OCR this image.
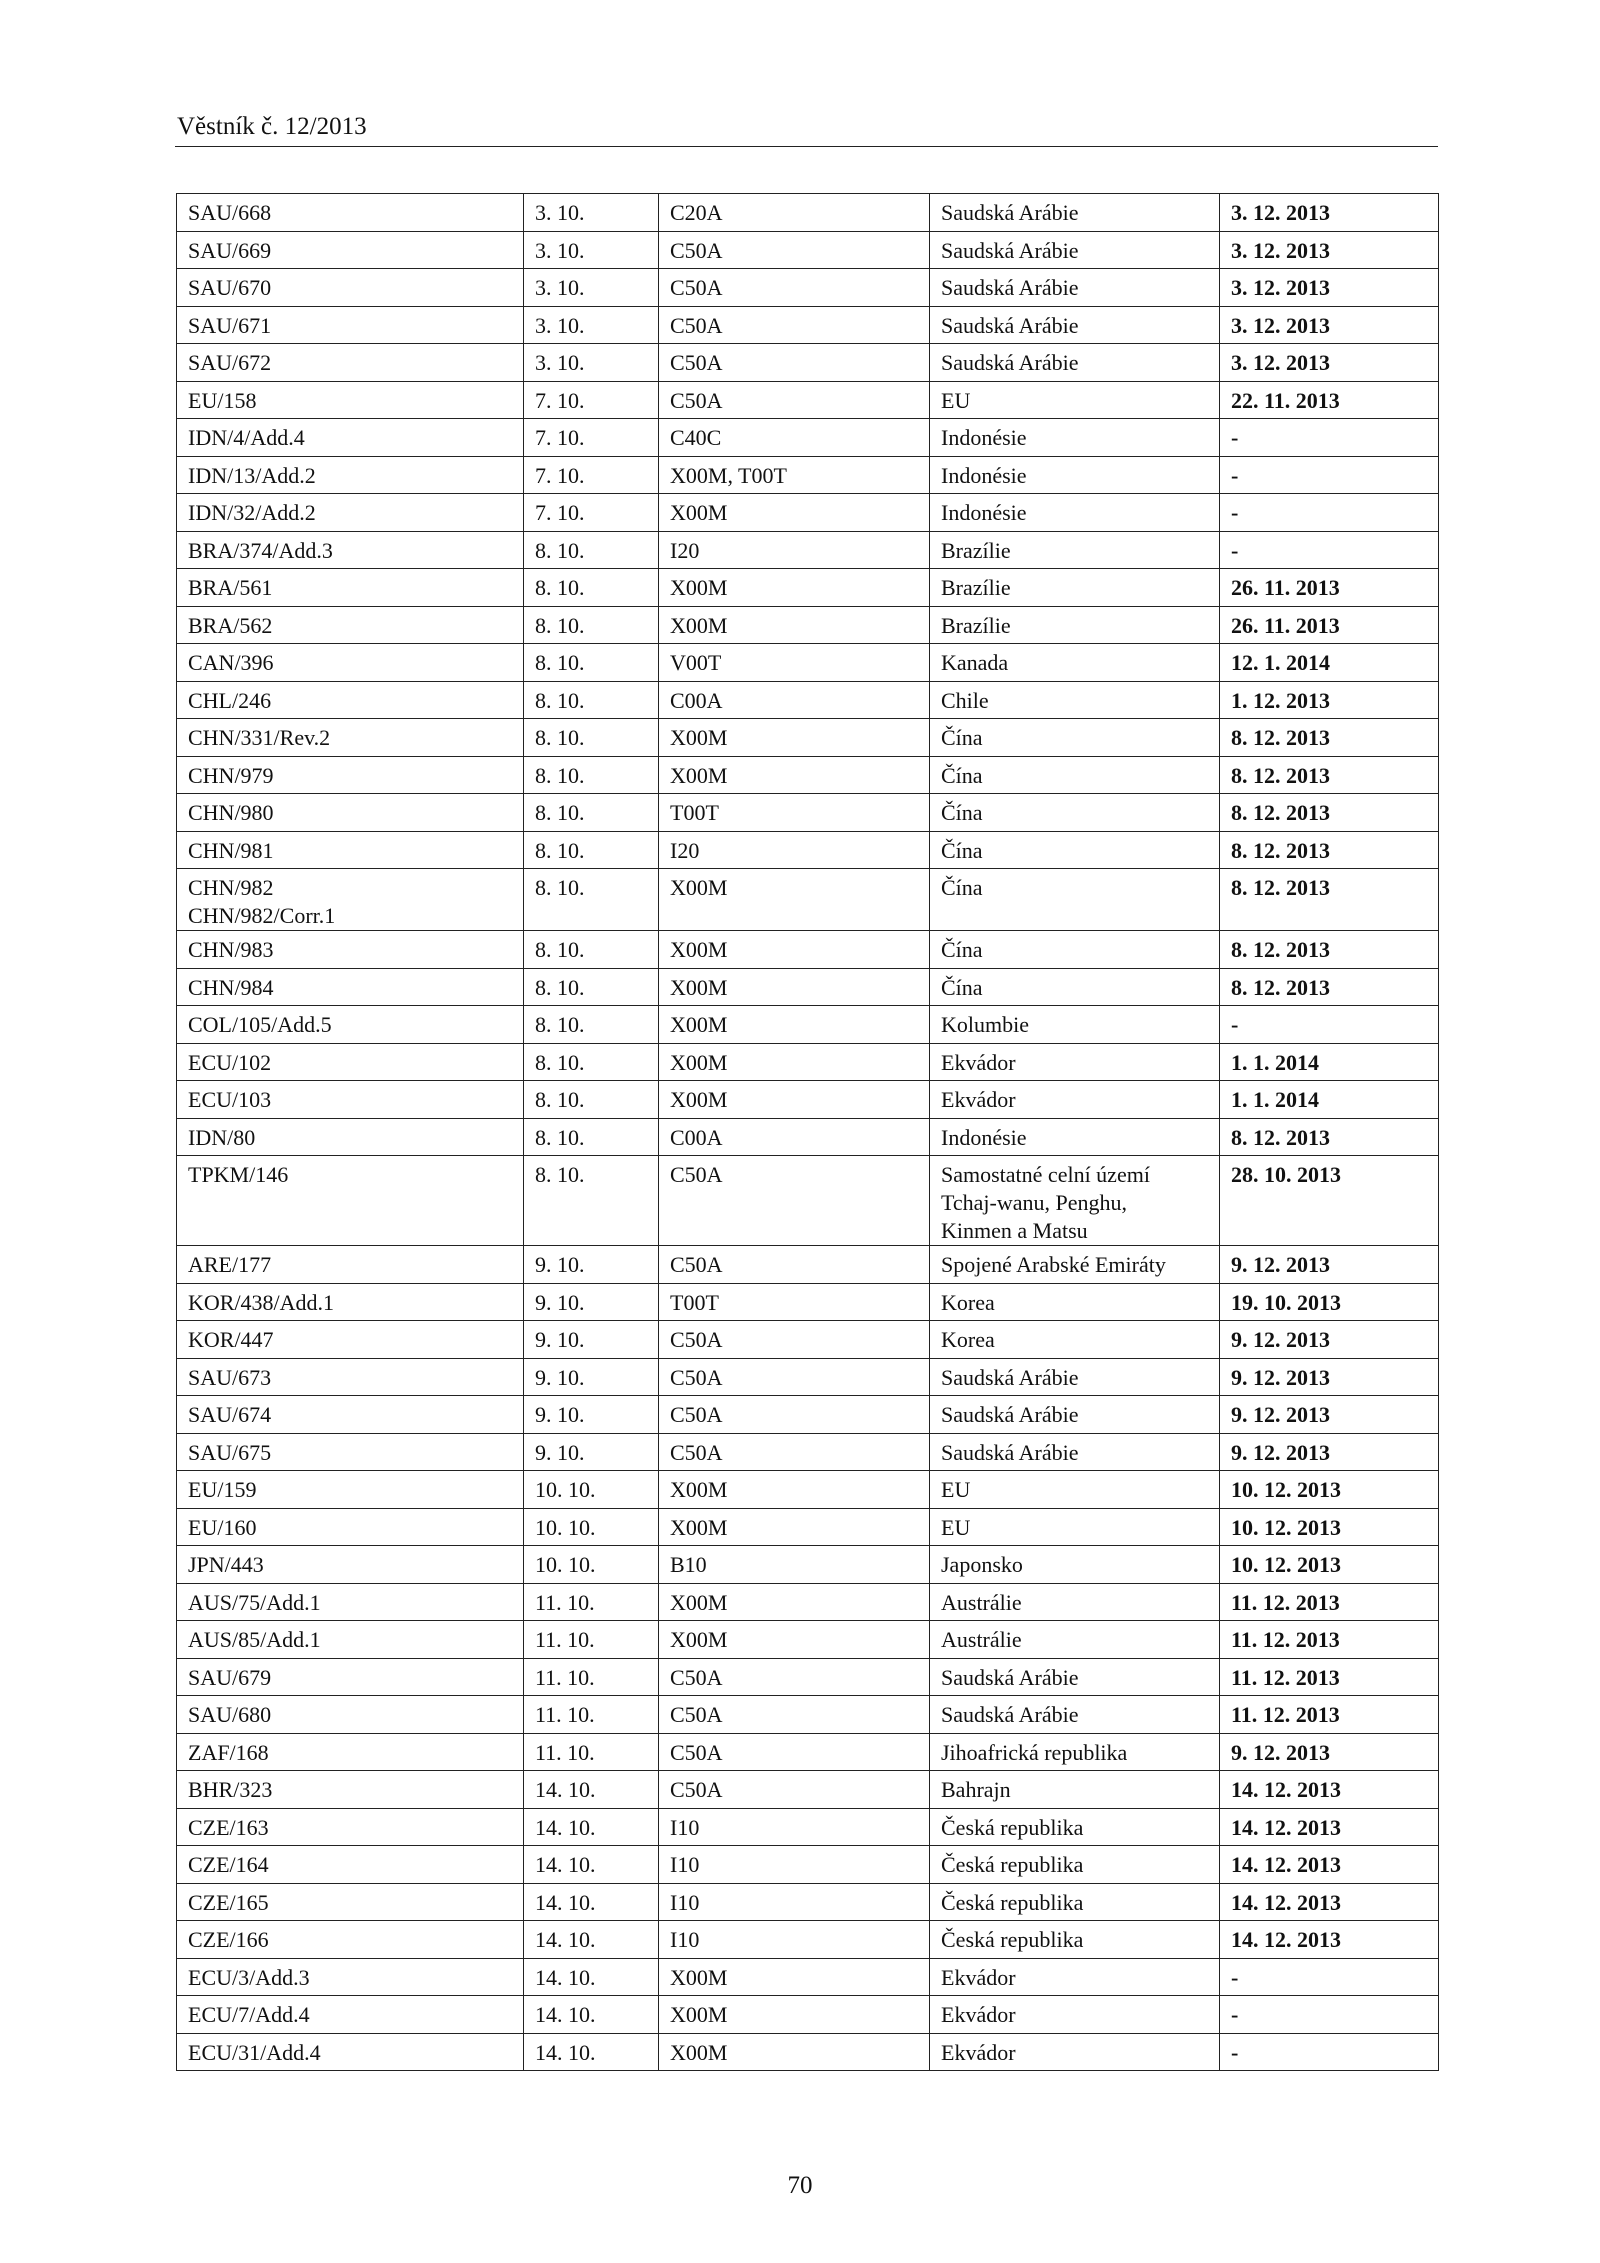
Věstník č. 12/2013
SAU/668	3. 10.	C20A	Saudská Arábie	3. 12. 2013

SAU/669	3. 10.	C50A	Saudská Arábie	3. 12. 2013

SAU/670	3. 10.	C50A	Saudská Arábie	3. 12. 2013

SAU/671	3. 10.	C50A	Saudská Arábie	3. 12. 2013

SAU/672	3. 10.	C50A	Saudská Arábie	3. 12. 2013

EU/158	7. 10.	C50A	EU	22. 11. 2013

IDN/4/Add.4	7. 10.	C40C	Indonésie	-

IDN/13/Add.2	7. 10.	X00M, T00T	Indonésie	-

IDN/32/Add.2	7. 10.	X00M	Indonésie	-

BRA/374/Add.3	8. 10.	I20	Brazílie	-

BRA/561	8. 10.	X00M	Brazílie	26. 11. 2013

BRA/562	8. 10.	X00M	Brazílie	26. 11. 2013

CAN/396	8. 10.	V00T	Kanada	12. 1. 2014

CHL/246	8. 10.	C00A	Chile	1. 12. 2013

CHN/331/Rev.2	8. 10.	X00M	Čína	8. 12. 2013

CHN/979	8. 10.	X00M	Čína	8. 12. 2013

CHN/980	8. 10.	T00T	Čína	8. 12. 2013

CHN/981	8. 10.	I20	Čína	8. 12. 2013

CHN/982
CHN/982/Corr.1	8. 10.	X00M	Čína	8. 12. 2013

CHN/983	8. 10.	X00M	Čína	8. 12. 2013

CHN/984	8. 10.	X00M	Čína	8. 12. 2013

COL/105/Add.5	8. 10.	X00M	Kolumbie	-

ECU/102	8. 10.	X00M	Ekvádor	1. 1. 2014

ECU/103	8. 10.	X00M	Ekvádor	1. 1. 2014

IDN/80	8. 10.	C00A	Indonésie	8. 12. 2013

TPKM/146	8. 10.	C50A	Samostatné celní území
Tchaj-wanu, Penghu,
Kinmen a Matsu	28. 10. 2013

ARE/177	9. 10.	C50A	Spojené Arabské Emiráty	9. 12. 2013

KOR/438/Add.1	9. 10.	T00T	Korea	19. 10. 2013

KOR/447	9. 10.	C50A	Korea	9. 12. 2013

SAU/673	9. 10.	C50A	Saudská Arábie	9. 12. 2013

SAU/674	9. 10.	C50A	Saudská Arábie	9. 12. 2013

SAU/675	9. 10.	C50A	Saudská Arábie	9. 12. 2013

EU/159	10. 10.	X00M	EU	10. 12. 2013

EU/160	10. 10.	X00M	EU	10. 12. 2013

JPN/443	10. 10.	B10	Japonsko	10. 12. 2013

AUS/75/Add.1	11. 10.	X00M	Austrálie	11. 12. 2013

AUS/85/Add.1	11. 10.	X00M	Austrálie	11. 12. 2013

SAU/679	11. 10.	C50A	Saudská Arábie	11. 12. 2013

SAU/680	11. 10.	C50A	Saudská Arábie	11. 12. 2013

ZAF/168	11. 10.	C50A	Jihoafrická republika	9. 12. 2013

BHR/323	14. 10.	C50A	Bahrajn	14. 12. 2013

CZE/163	14. 10.	I10	Česká republika	14. 12. 2013

CZE/164	14. 10.	I10	Česká republika	14. 12. 2013

CZE/165	14. 10.	I10	Česká republika	14. 12. 2013

CZE/166	14. 10.	I10	Česká republika	14. 12. 2013

ECU/3/Add.3	14. 10.	X00M	Ekvádor	-

ECU/7/Add.4	14. 10.	X00M	Ekvádor	-

ECU/31/Add.4	14. 10.	X00M	Ekvádor	-
70
